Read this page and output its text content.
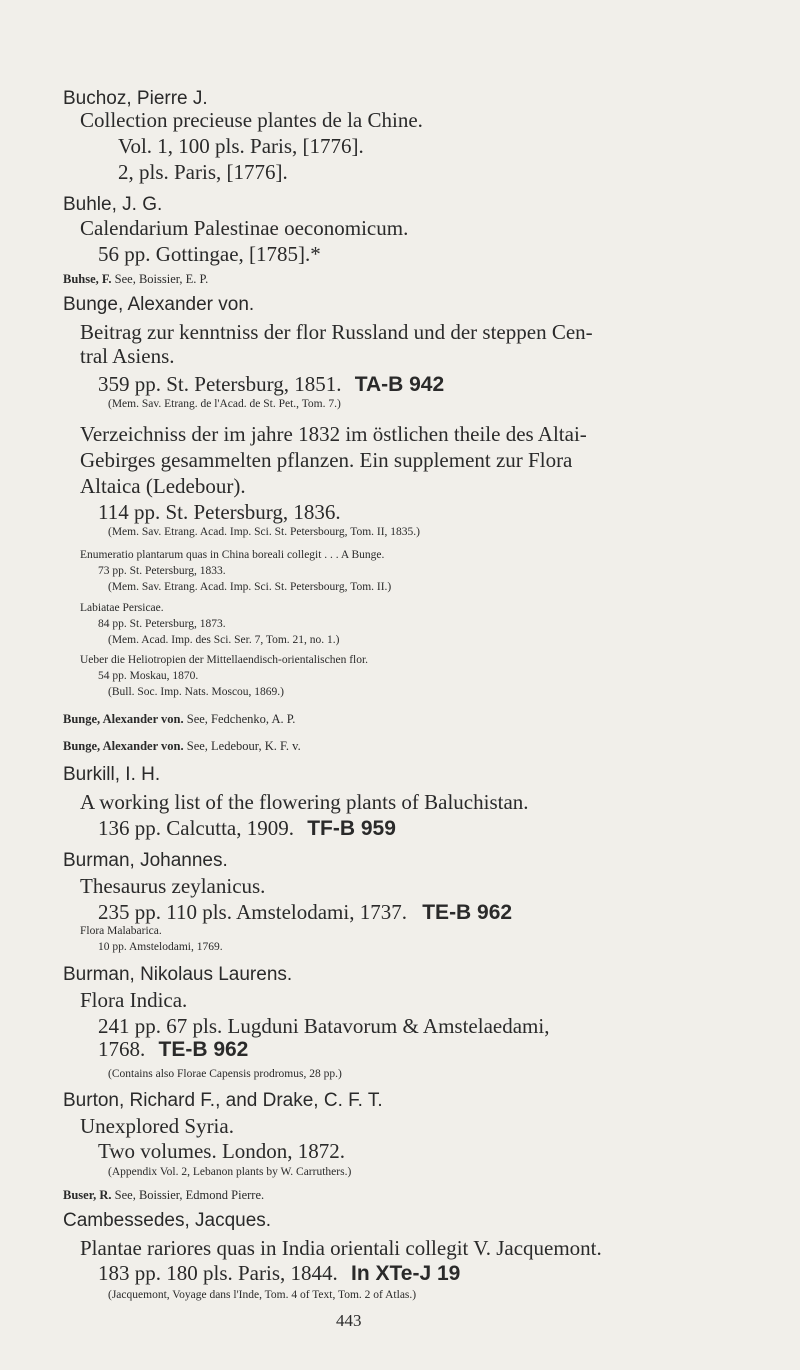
Buchoz, Pierre J.
Collection precieuse plantes de la Chine.
Vol. 1, 100 pls. Paris, [1776].
2, pls. Paris, [1776].
Buhle, J. G.
Calendarium Palestinae oeconomicum.
56 pp. Gottingae, [1785].*
Buhse, F. See, Boissier, E. P.
Bunge, Alexander von.
Beitrag zur kenntniss der flor Russland und der steppen Cen-
tral Asiens.
359 pp. St. Petersburg, 1851. TA-B 942
(Mem. Sav. Etrang. de l'Acad. de St. Pet., Tom. 7.)
Verzeichniss der im jahre 1832 im östlichen theile des Altai-
Gebirges gesammelten pflanzen. Ein supplement zur Flora
Altaica (Ledebour).
114 pp. St. Petersburg, 1836.
(Mem. Sav. Etrang. Acad. Imp. Sci. St. Petersbourg, Tom. II, 1835.)
Enumeratio plantarum quas in China boreali collegit . . . A Bunge.
73 pp. St. Petersburg, 1833.
(Mem. Sav. Etrang. Acad. Imp. Sci. St. Petersbourg, Tom. II.)
Labiatae Persicae.
84 pp. St. Petersburg, 1873.
(Mem. Acad. Imp. des Sci. Ser. 7, Tom. 21, no. 1.)
Ueber die Heliotropien der Mittellaendisch-orientalischen flor.
54 pp. Moskau, 1870.
(Bull. Soc. Imp. Nats. Moscou, 1869.)
Bunge, Alexander von. See, Fedchenko, A. P.
Bunge, Alexander von. See, Ledebour, K. F. v.
Burkill, I. H.
A working list of the flowering plants of Baluchistan.
136 pp. Calcutta, 1909. TF-B 959
Burman, Johannes.
Thesaurus zeylanicus.
235 pp. 110 pls. Amstelodami, 1737. TE-B 962
Flora Malabarica.
10 pp. Amstelodami, 1769.
Burman, Nikolaus Laurens.
Flora Indica.
241 pp. 67 pls. Lugduni Batavorum & Amstelaedami,
1768. TE-B 962
(Contains also Florae Capensis prodromus, 28 pp.)
Burton, Richard F., and Drake, C. F. T.
Unexplored Syria.
Two volumes. London, 1872.
(Appendix Vol. 2, Lebanon plants by W. Carruthers.)
Buser, R. See, Boissier, Edmond Pierre.
Cambessedes, Jacques.
Plantae rariores quas in India orientali collegit V. Jacquemont.
183 pp. 180 pls. Paris, 1844. In XTe-J 19
(Jacquemont, Voyage dans l'Inde, Tom. 4 of Text, Tom. 2 of Atlas.)
443
